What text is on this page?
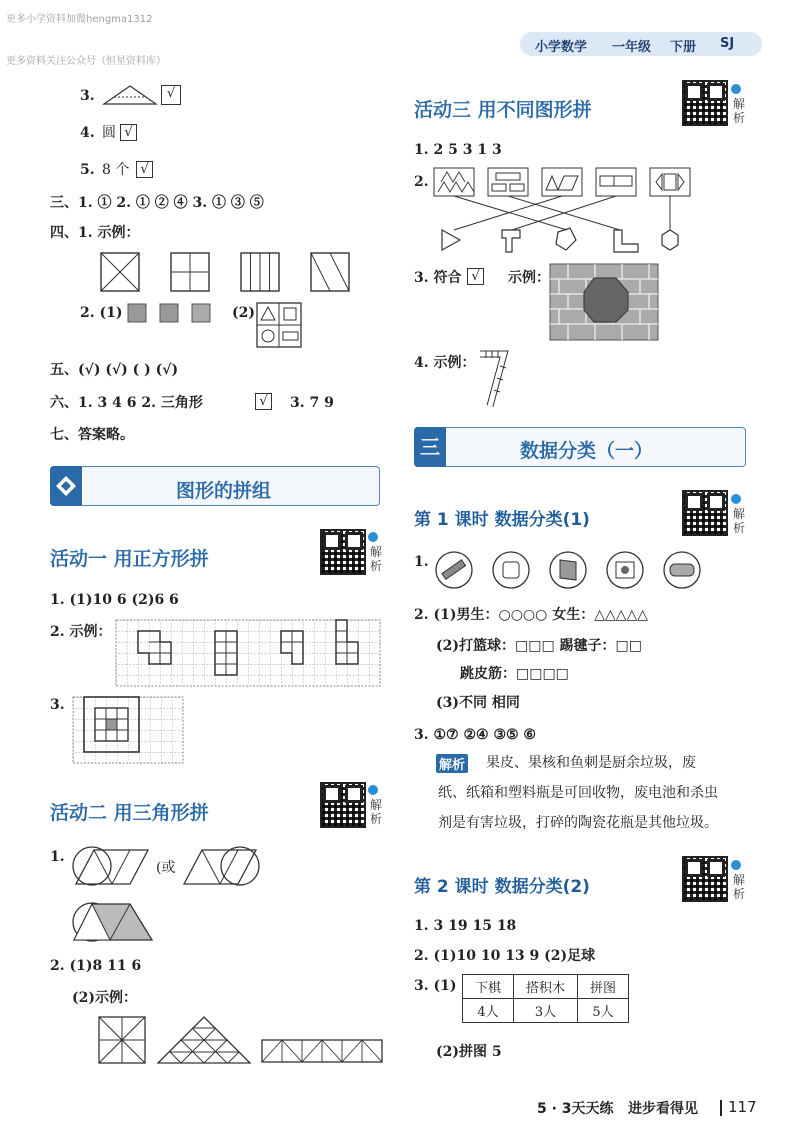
更多小学资料加微hengma1312
更多资料关注公众号（恒星资料库）
小学数学 一年级 下册 SJ
3.	√
4. 圆 √
5. 8 个 √
三、1. ① 2. ① ② ④ 3. ① ③ ⑤
四、1. 示例：
2. (1)	(2)
五、(√) (√) ( ) (√)
六、1. 3 4 6 2. 三角形	√	3. 7 9
七、答案略。
图形的拼组
活动一 用正方形拼	解析
1. (1)10 6 (2)6 6
2. 示例：
3.
活动二 用三角形拼	解析
1.
(或
2. (1)8 11 6
(2)示例：
活动三 用不同图形拼	解析
1. 2 5 3 1 3
2.
3. 符合 √	示例：
4. 示例：
三	数据分类（一）
第 1 课时 数据分类(1)	解析
1.
2. (1)男生：○○○○ 女生：△△△△△
(2)打篮球：□□□ 踢毽子：□□
跳皮筋：□□□□
(3)不同 相同
3. ①⑦ ②④ ③⑤ ⑥
解析 果皮、果核和鱼刺是厨余垃圾，废
纸、纸箱和塑料瓶是可回收物，废电池和杀虫
剂是有害垃圾，打碎的陶瓷花瓶是其他垃圾。
第 2 课时 数据分类(2)	解析
1. 3 19 15 18
2. (1)10 10 13 9 (2)足球
3. (1) 下棋	搭积木	拼图
4人	3人	5人
(2)拼图 5
5 · 3天天练 进步看得见 117
